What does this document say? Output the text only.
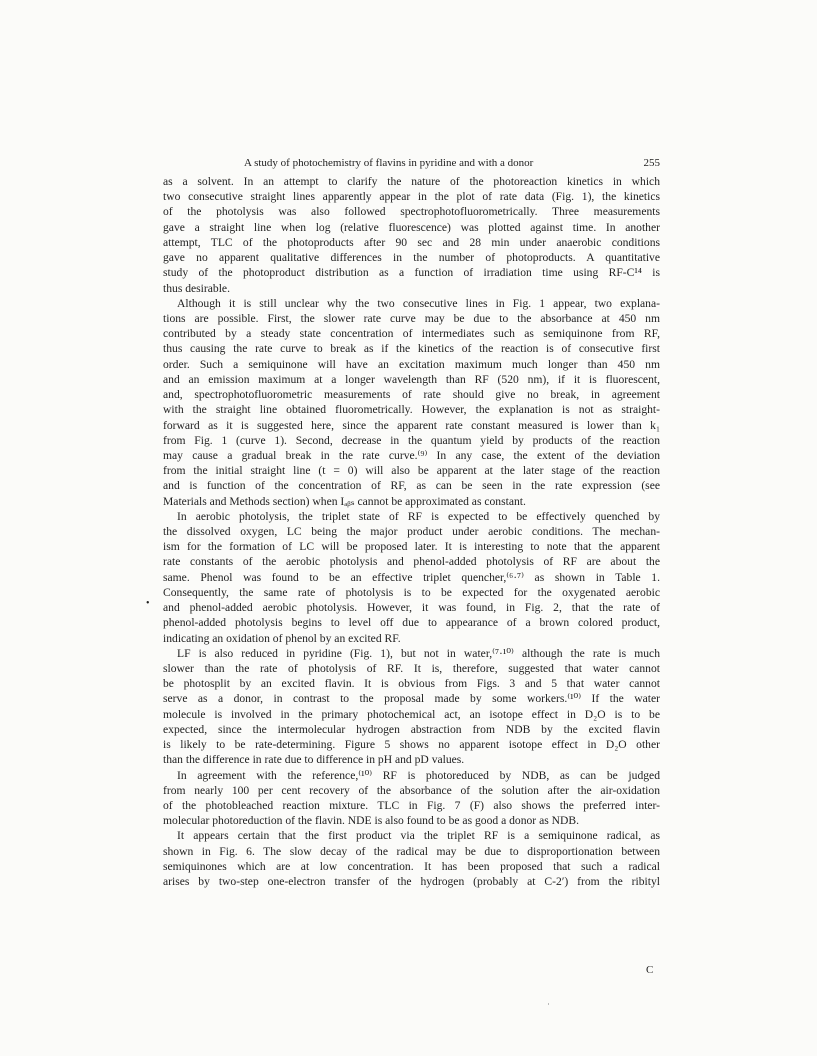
A study of photochemistry of flavins in pyridine and with a donor	255
as a solvent. In an attempt to clarify the nature of the photoreaction kinetics in which
two consecutive straight lines apparently appear in the plot of rate data (Fig. 1), the kinetics
of the photolysis was also followed spectrophotofluorometrically. Three measurements
gave a straight line when log (relative fluorescence) was plotted against time. In another
attempt, TLC of the photoproducts after 90 sec and 28 min under anaerobic conditions
gave no apparent qualitative differences in the number of photoproducts. A quantitative
study of the photoproduct distribution as a function of irradiation time using RF-C¹⁴ is
thus desirable.
Although it is still unclear why the two consecutive lines in Fig. 1 appear, two explana-
tions are possible. First, the slower rate curve may be due to the absorbance at 450 nm
contributed by a steady state concentration of intermediates such as semiquinone from RF,
thus causing the rate curve to break as if the kinetics of the reaction is of consecutive first
order. Such a semiquinone will have an excitation maximum much longer than 450 nm
and an emission maximum at a longer wavelength than RF (520 nm), if it is fluorescent,
and, spectrophotofluorometric measurements of rate should give no break, in agreement
with the straight line obtained fluorometrically. However, the explanation is not as straight-
forward as it is suggested here, since the apparent rate constant measured is lower than k₁
from Fig. 1 (curve 1). Second, decrease in the quantum yield by products of the reaction
may cause a gradual break in the rate curve.⁽⁹⁾ In any case, the extent of the deviation
from the initial straight line (t = 0) will also be apparent at the later stage of the reaction
and is function of the concentration of RF, as can be seen in the rate expression (see
Materials and Methods section) when Iₐᵦₛ cannot be approximated as constant.
In aerobic photolysis, the triplet state of RF is expected to be effectively quenched by
the dissolved oxygen, LC being the major product under aerobic conditions. The mechan-
ism for the formation of LC will be proposed later. It is interesting to note that the apparent
rate constants of the aerobic photolysis and phenol-added photolysis of RF are about the
same. Phenol was found to be an effective triplet quencher,⁽⁶·⁷⁾ as shown in Table 1.
Consequently, the same rate of photolysis is to be expected for the oxygenated aerobic
and phenol-added aerobic photolysis. However, it was found, in Fig. 2, that the rate of
phenol-added photolysis begins to level off due to appearance of a brown colored product,
indicating an oxidation of phenol by an excited RF.
LF is also reduced in pyridine (Fig. 1), but not in water,⁽⁷·¹⁰⁾ although the rate is much
slower than the rate of photolysis of RF. It is, therefore, suggested that water cannot
be photosplit by an excited flavin. It is obvious from Figs. 3 and 5 that water cannot
serve as a donor, in contrast to the proposal made by some workers.⁽¹⁰⁾ If the water
molecule is involved in the primary photochemical act, an isotope effect in D₂O is to be
expected, since the intermolecular hydrogen abstraction from NDB by the excited flavin
is likely to be rate-determining. Figure 5 shows no apparent isotope effect in D₂O other
than the difference in rate due to difference in pH and pD values.
In agreement with the reference,⁽¹⁰⁾ RF is photoreduced by NDB, as can be judged
from nearly 100 per cent recovery of the absorbance of the solution after the air-oxidation
of the photobleached reaction mixture. TLC in Fig. 7 (F) also shows the preferred inter-
molecular photoreduction of the flavin. NDE is also found to be as good a donor as NDB.
It appears certain that the first product via the triplet RF is a semiquinone radical, as
shown in Fig. 6. The slow decay of the radical may be due to disproportionation between
semiquinones which are at low concentration. It has been proposed that such a radical
arises by two-step one-electron transfer of the hydrogen (probably at C-2′) from the ribityl
•
C
